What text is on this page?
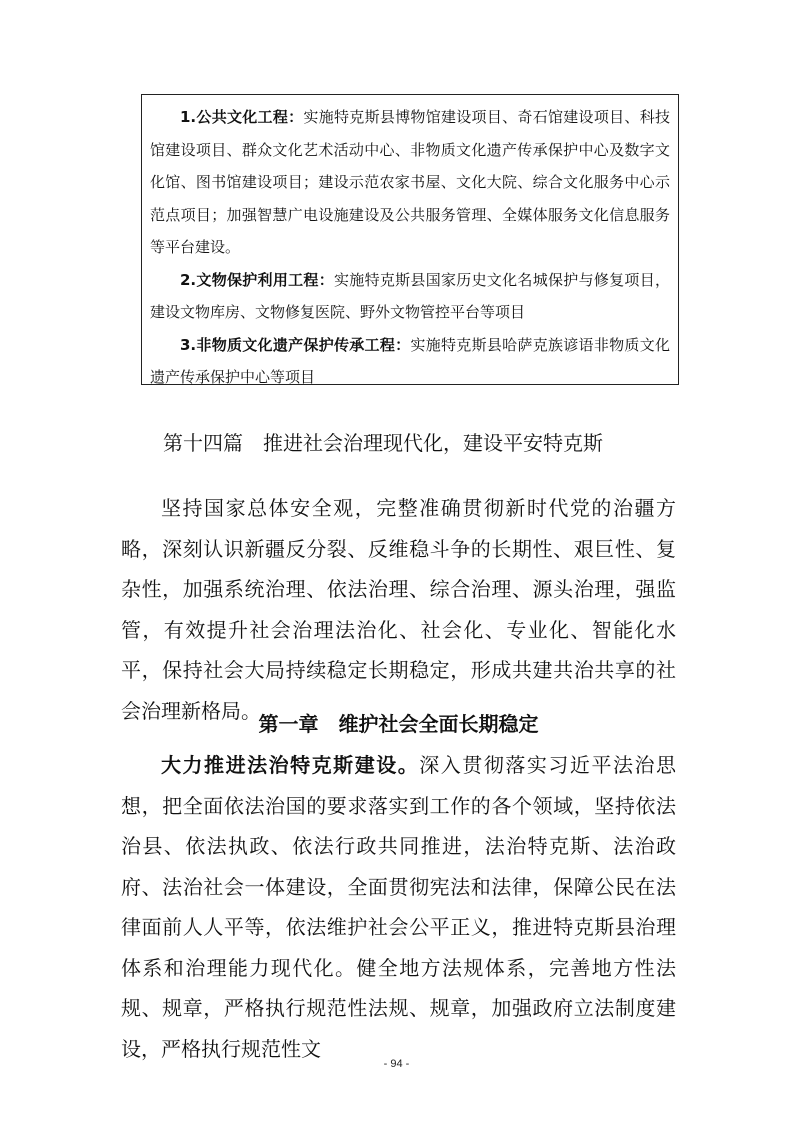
1.公共文化工程：实施特克斯县博物馆建设项目、奇石馆建设项目、科技馆建设项目、群众文化艺术活动中心、非物质文化遗产传承保护中心及数字文化馆、图书馆建设项目；建设示范农家书屋、文化大院、综合文化服务中心示范点项目；加强智慧广电设施建设及公共服务管理、全媒体服务文化信息服务等平台建设。

2.文物保护利用工程：实施特克斯县国家历史文化名城保护与修复项目，建设文物库房、文物修复医院、野外文物管控平台等项目

3.非物质文化遗产保护传承工程：实施特克斯县哈萨克族谚语非物质文化遗产传承保护中心等项目

第十四篇 推进社会治理现代化，建设平安特克斯

坚持国家总体安全观，完整准确贯彻新时代党的治疆方略，深刻认识新疆反分裂、反维稳斗争的长期性、艰巨性、复杂性，加强系统治理、依法治理、综合治理、源头治理，强监管，有效提升社会治理法治化、社会化、专业化、智能化水平，保持社会大局持续稳定长期稳定，形成共建共治共享的社会治理新格局。

第一章 维护社会全面长期稳定

大力推进法治特克斯建设。深入贯彻落实习近平法治思想，把全面依法治国的要求落实到工作的各个领域，坚持依法治县、依法执政、依法行政共同推进，法治特克斯、法治政府、法治社会一体建设，全面贯彻宪法和法律，保障公民在法律面前人人平等，依法维护社会公平正义，推进特克斯县治理体系和治理能力现代化。健全地方法规体系，完善地方性法规、规章，严格执行规范性法规、规章，加强政府立法制度建设，严格执行规范性文

- 94 -
